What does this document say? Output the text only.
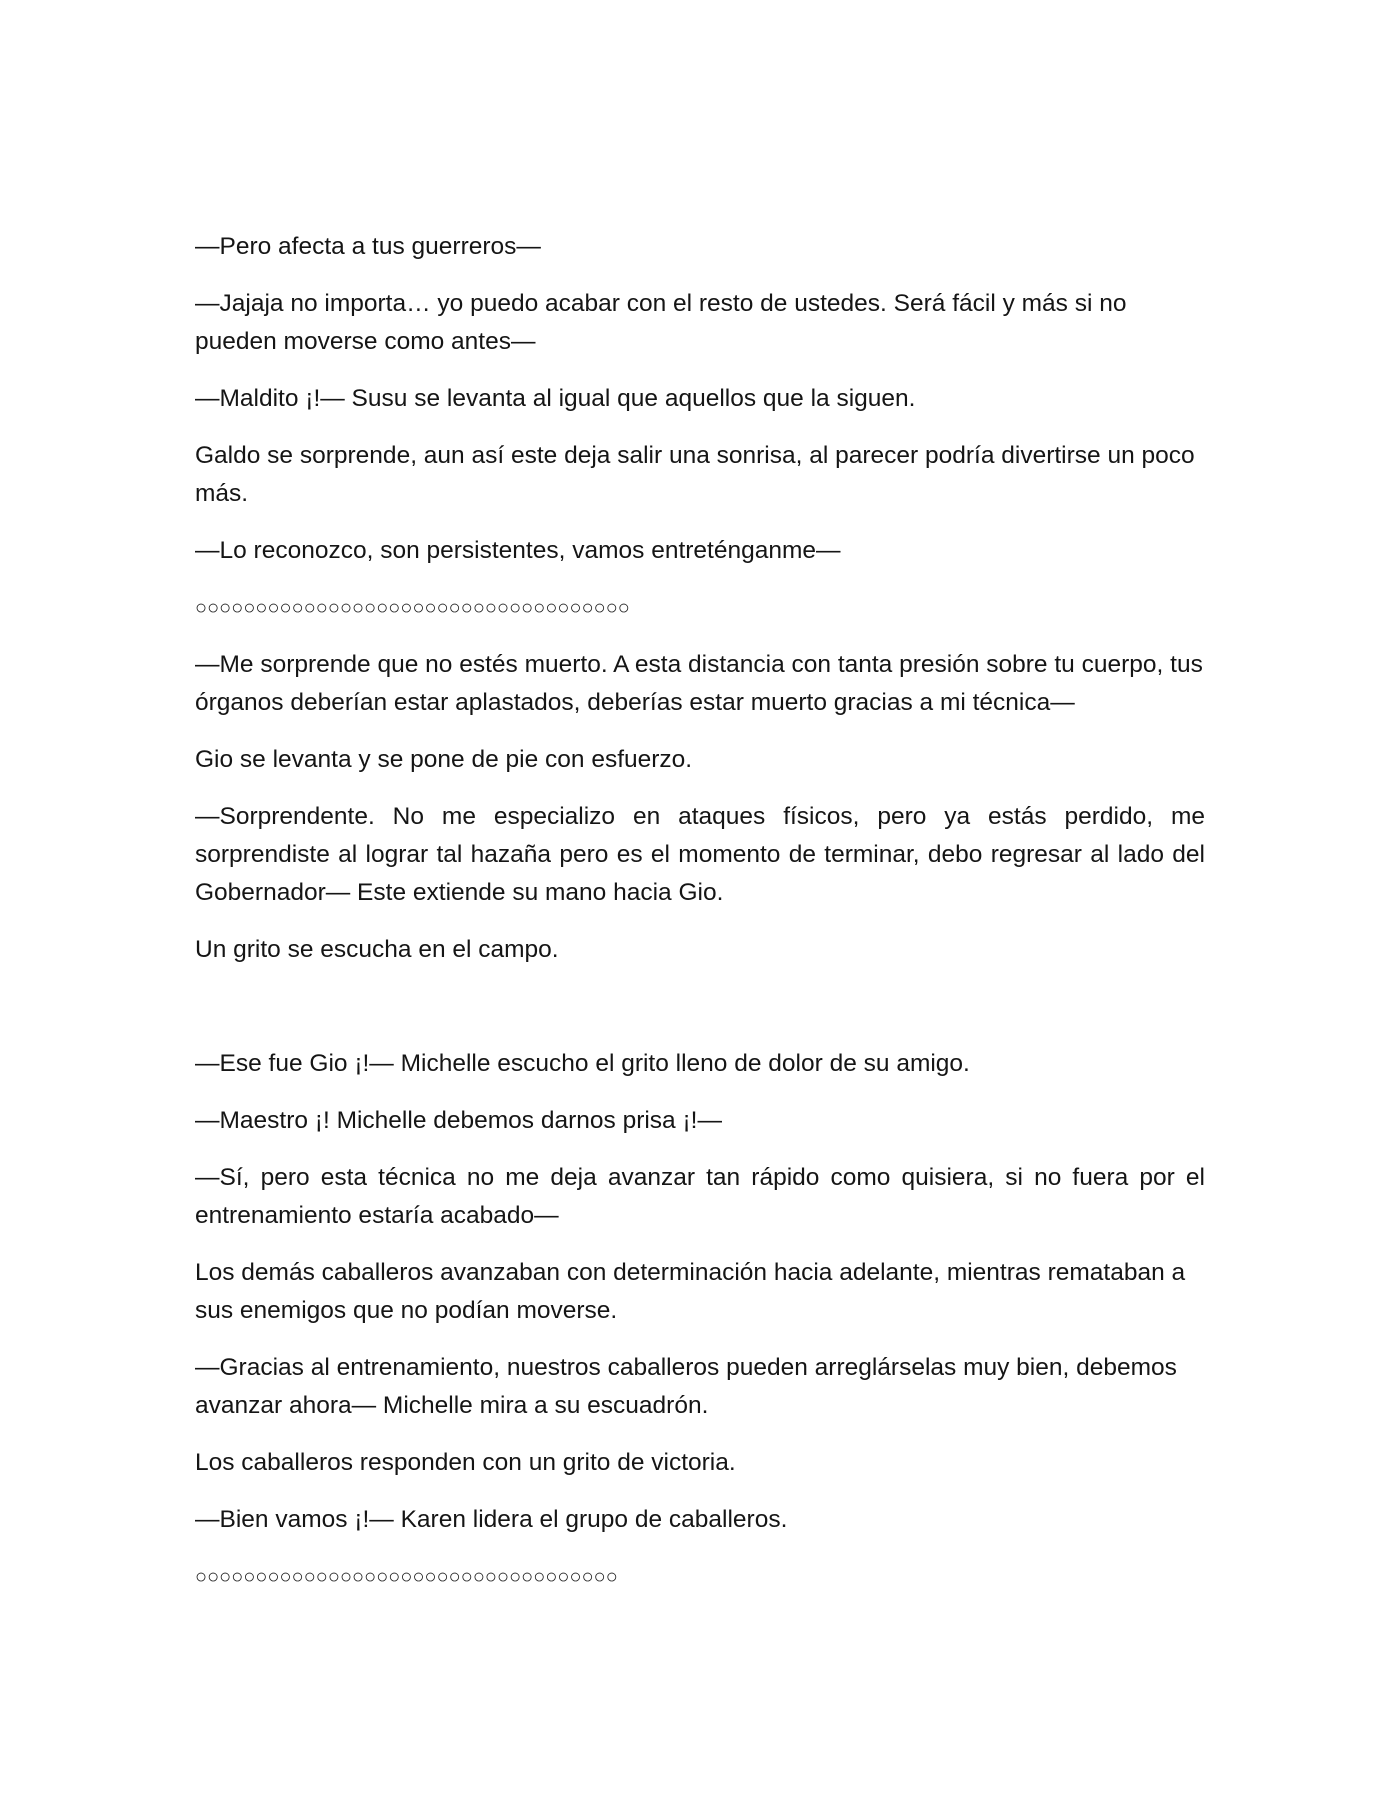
—Pero afecta a tus guerreros—

—Jajaja no importa… yo puedo acabar con el resto de ustedes. Será fácil y más si no pueden moverse como antes—

—Maldito ¡!— Susu se levanta al igual que aquellos que la siguen.

Galdo se sorprende, aun así este deja salir una sonrisa, al parecer podría divertirse un poco más.

—Lo reconozco, son persistentes, vamos entreténganme—

○○○○○○○○○○○○○○○○○○○○○○○○○○○○○○○○○○○○

—Me sorprende que no estés muerto. A esta distancia con tanta presión sobre tu cuerpo, tus órganos deberían estar aplastados, deberías estar muerto gracias a mi técnica—

Gio se levanta y se pone de pie con esfuerzo.

—Sorprendente. No me especializo en ataques físicos, pero ya estás perdido, me sorprendiste al lograr tal hazaña pero es el momento de terminar, debo regresar al lado del Gobernador— Este extiende su mano hacia Gio.

Un grito se escucha en el campo.

—Ese fue Gio ¡!— Michelle escucho el grito lleno de dolor de su amigo.

—Maestro ¡! Michelle debemos darnos prisa ¡!—

—Sí, pero esta técnica no me deja avanzar tan rápido como quisiera, si no fuera por el entrenamiento estaría acabado—

Los demás caballeros avanzaban con determinación hacia adelante, mientras remataban a sus enemigos que no podían moverse.

—Gracias al entrenamiento, nuestros caballeros pueden arreglárselas muy bien, debemos avanzar ahora— Michelle mira a su escuadrón.

Los caballeros responden con un grito de victoria.

—Bien vamos ¡!— Karen lidera el grupo de caballeros.

○○○○○○○○○○○○○○○○○○○○○○○○○○○○○○○○○○○
